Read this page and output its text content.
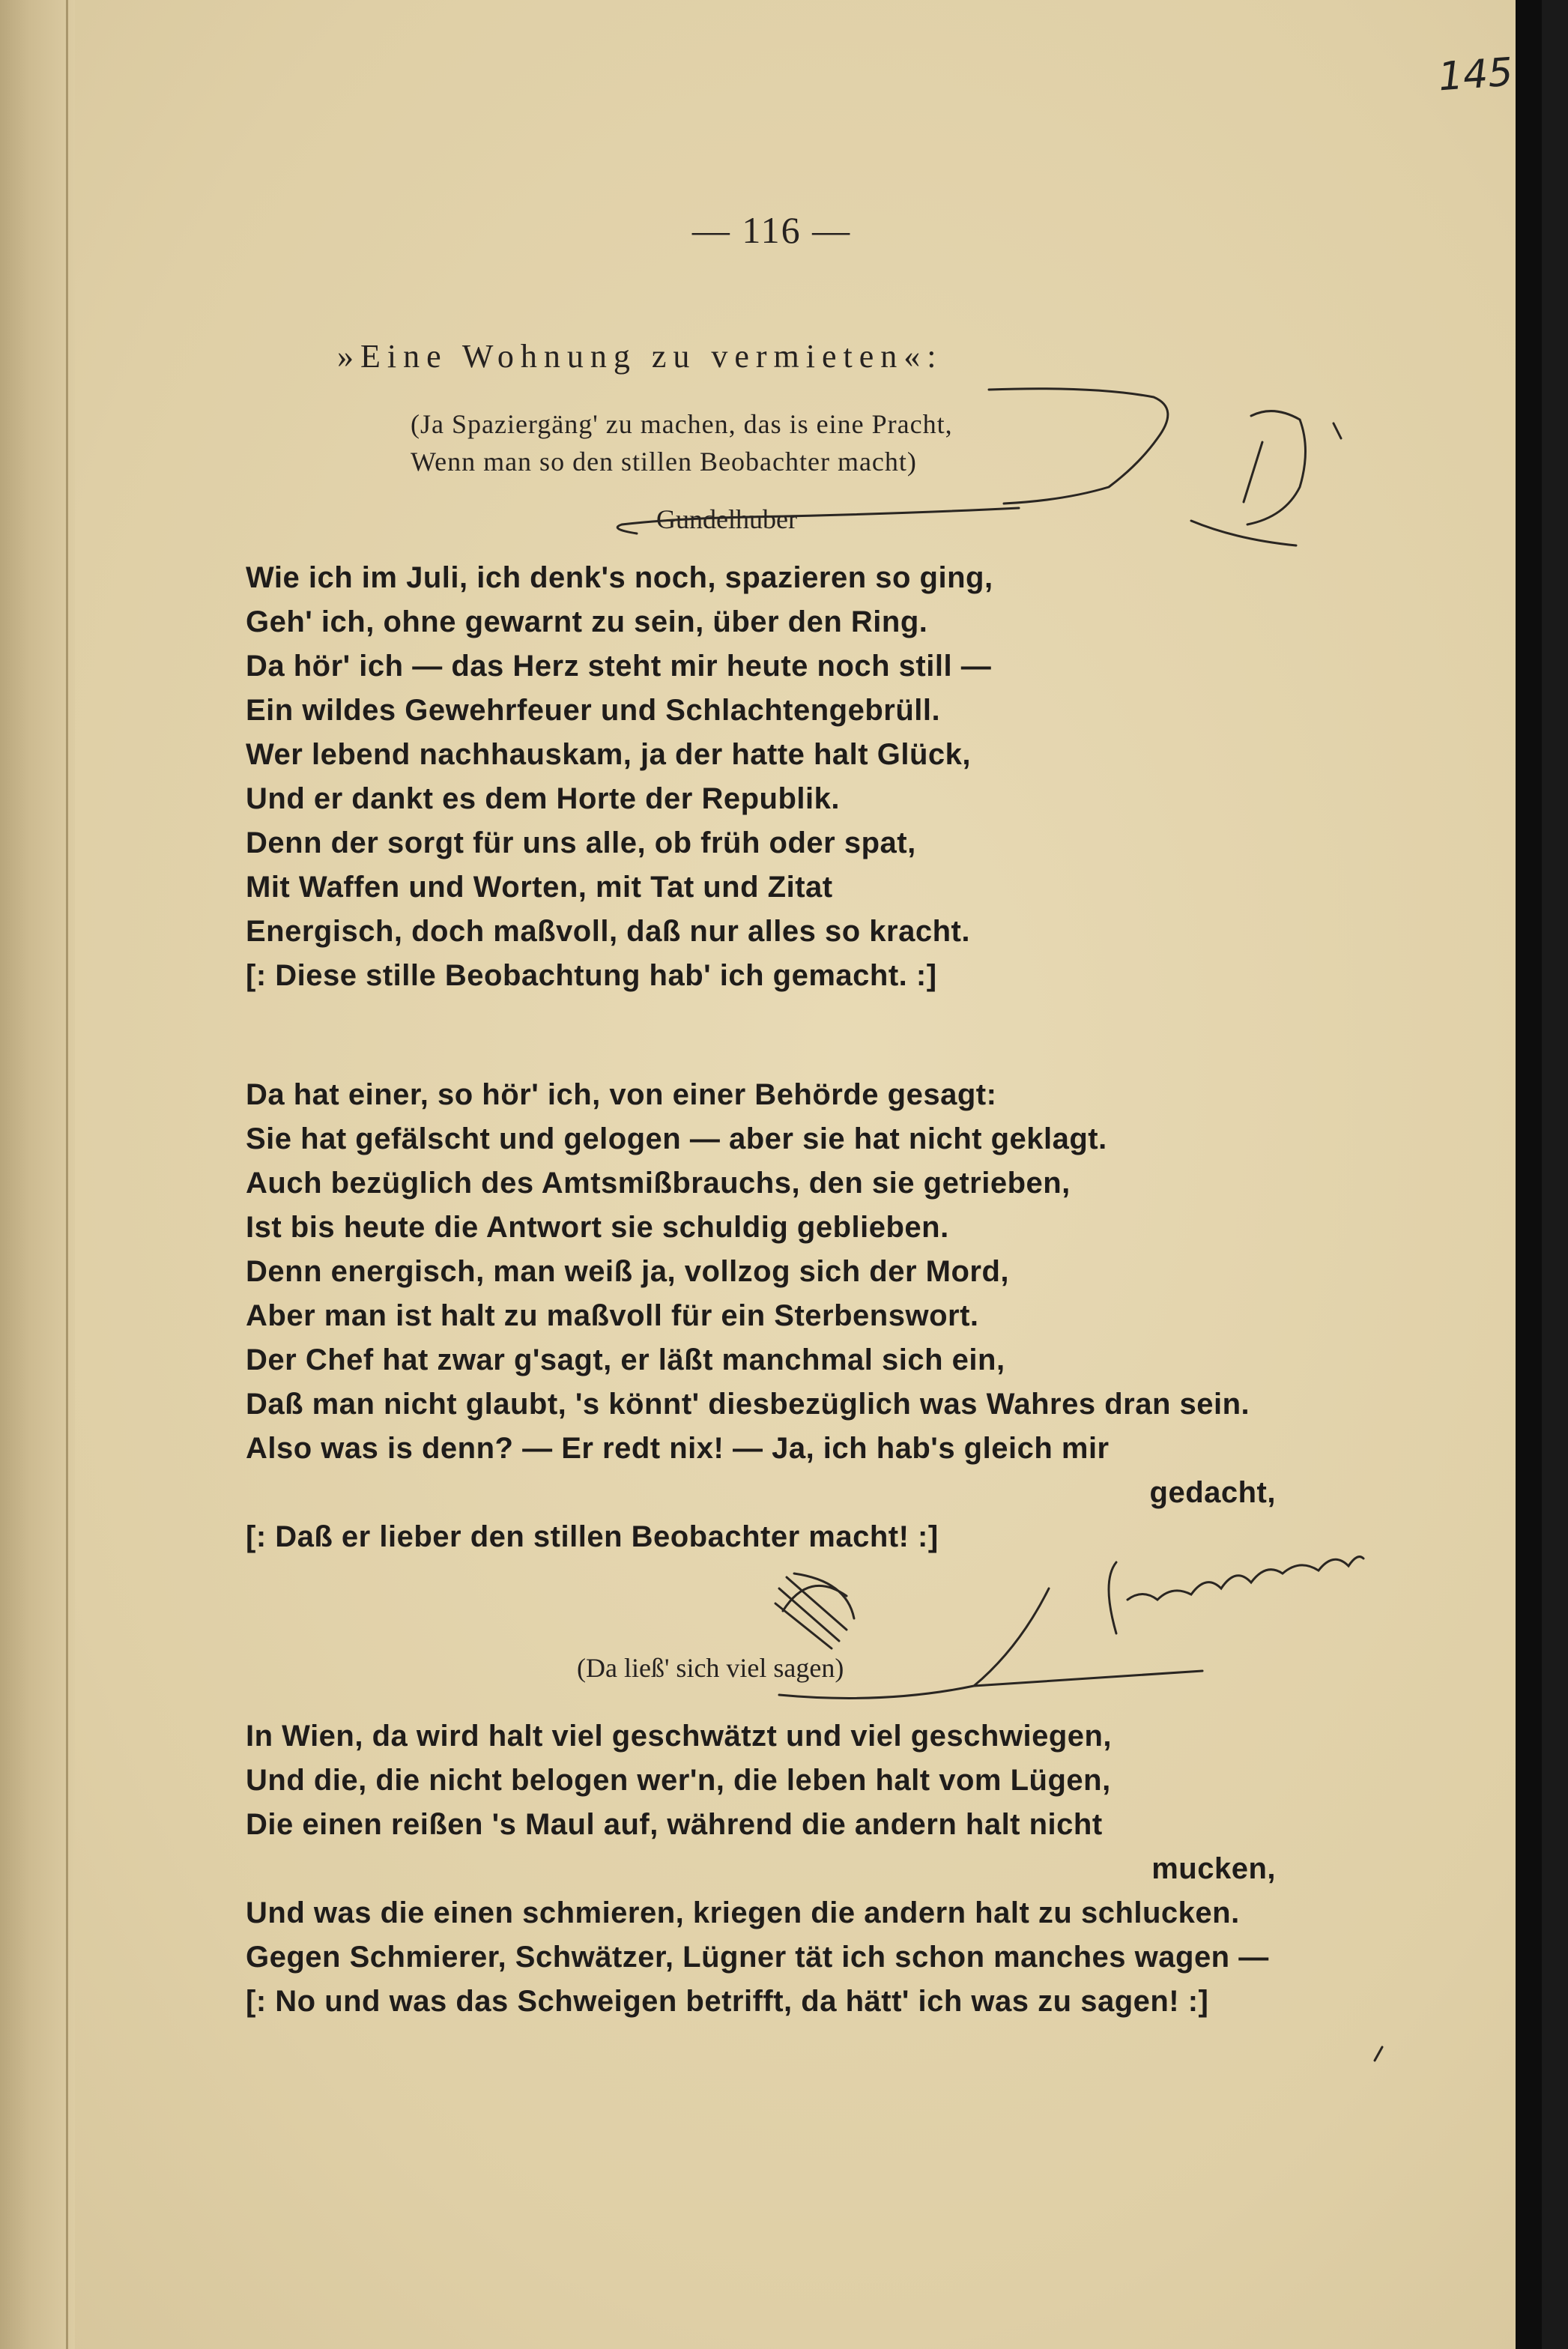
145
— 116 —
»Eine Wohnung zu vermieten«:
(Ja Spaziergäng' zu machen, das is eine Pracht,
Wenn man so den stillen Beobachter macht)
Gundelhuber
Wie ich im Juli, ich denk's noch, spazieren so ging,
Geh' ich, ohne gewarnt zu sein, über den Ring.
Da hör' ich — das Herz steht mir heute noch still —
Ein wildes Gewehrfeuer und Schlachtengebrüll.
Wer lebend nachhauskam, ja der hatte halt Glück,
Und er dankt es dem Horte der Republik.
Denn der sorgt für uns alle, ob früh oder spat,
Mit Waffen und Worten, mit Tat und Zitat
Energisch, doch maßvoll, daß nur alles so kracht.
[: Diese stille Beobachtung hab' ich gemacht. :]
Da hat einer, so hör' ich, von einer Behörde gesagt:
Sie hat gefälscht und gelogen — aber sie hat nicht geklagt.
Auch bezüglich des Amtsmißbrauchs, den sie getrieben,
Ist bis heute die Antwort sie schuldig geblieben.
Denn energisch, man weiß ja, vollzog sich der Mord,
Aber man ist halt zu maßvoll für ein Sterbenswort.
Der Chef hat zwar g'sagt, er läßt manchmal sich ein,
Daß man nicht glaubt, 's könnt' diesbezüglich was Wahres dran sein.
Also was is denn? — Er redt nix! — Ja, ich hab's gleich mir
gedacht,
[: Daß er lieber den stillen Beobachter macht! :]
(Da ließ' sich viel sagen)
In Wien, da wird halt viel geschwätzt und viel geschwiegen,
Und die, die nicht belogen wer'n, die leben halt vom Lügen,
Die einen reißen 's Maul auf, während die andern halt nicht
mucken,
Und was die einen schmieren, kriegen die andern halt zu schlucken.
Gegen Schmierer, Schwätzer, Lügner tät ich schon manches wagen —
[: No und was das Schweigen betrifft, da hätt' ich was zu sagen! :]
